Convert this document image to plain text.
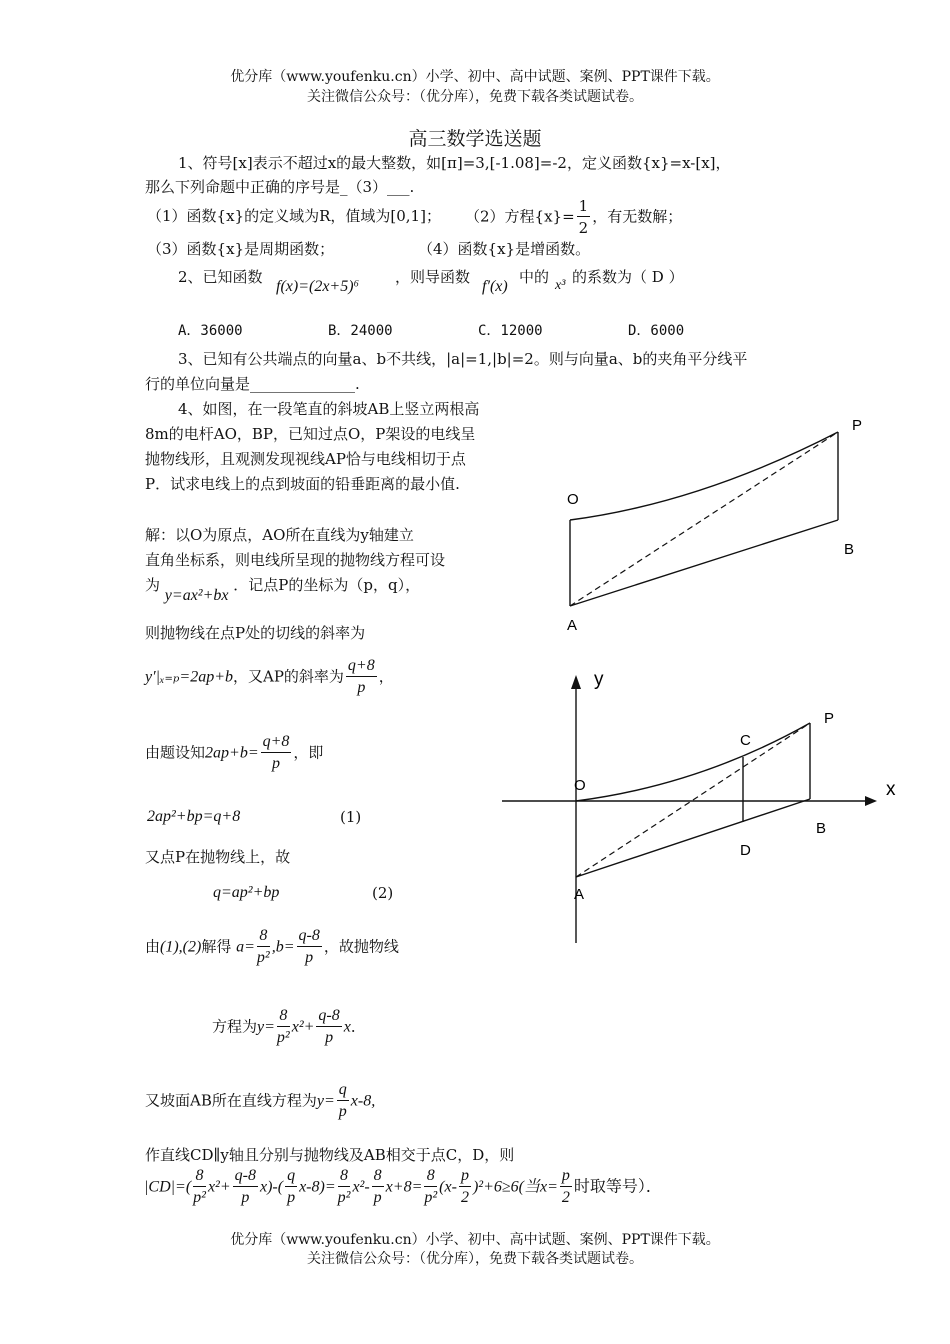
优分库（www.youfenku.cn）小学、初中、高中试题、案例、PPT课件下载。
关注微信公众号：（优分库），免费下载各类试题试卷。
高三数学选送题
1、符号[x]表示不超过x的最大整数，如[π]=3,[-1.08]=-2，定义函数{x}=x-[x]，
那么下列命题中正确的序号是_（3）___.
（1）函数{x}的定义域为R，值域为[0,1]； （2）方程$\{x\}= \frac{1}{2}$ ，有无数解；
（3）函数{x}是周期函数；	（4）函数{x}是增函数。
2、已知函数
f(x)=(2x+5)⁶
，则导函数
f′(x)
中的 x³ 的系数为（ D ）
A．36000	B．24000	C．12000	D．6000
3、已知有公共端点的向量a、b不共线，|a|=1,|b|=2。则与向量a、b的夹角平分线平
行的单位向量是______________.
4、如图，在一段笔直的斜坡AB上竖立两根高
8m的电杆AO，BP，已知过点O，P架设的电线呈
抛物线形，且观测发现视线AP恰与电线相切于点
P．试求电线上的点到坡面的铅垂距离的最小值.
P
O
B
A
解：以O为原点，AO所在直线为y轴建立
直角坐标系，则电线所呈现的抛物线方程可设
为 y=ax²+bx ．记点P的坐标为（p，q），
则抛物线在点P处的切线的斜率为
y′|ₓ₌ₚ=2ap+b，又AP的斜率为 $\frac{q+8}{p}$ ，
由题设知$2ap+b= \frac{q+8}{p}$ ，即
2ap²+bp=q+8	(1)
又点P在抛物线上，故
q=ap²+bp	(2)
由(1),(2)解得 $a= \frac{8}{\text{p²}} ,b= \frac{q-8}{p}$ ，故抛物线
方程为$y= \frac{8}{\text{p²}} x^2+ \frac{q-8}{p}$ x．
又坡面AB所在直线方程为$y= \frac{q}{p} x-8$,
作直线CD∥y轴且分别与抛物线及AB相交于点C，D，则
$|CD|=( \frac{8}{\text{p²}} x^2+ \frac{q-8}{p} x)-( \frac{q}{p} x-8)= \frac{8}{\text{p²}} x^2- \frac{8}{p} x+8= \frac{8}{\text{p²}} (x- \frac{p}{2} )^2+6\ge 6$(当$x= \frac{p}{2}$ 时取等号）．
y
x
O
P
C
B
D
A
优分库（www.youfenku.cn）小学、初中、高中试题、案例、PPT课件下载。
关注微信公众号：（优分库），免费下载各类试题试卷。
